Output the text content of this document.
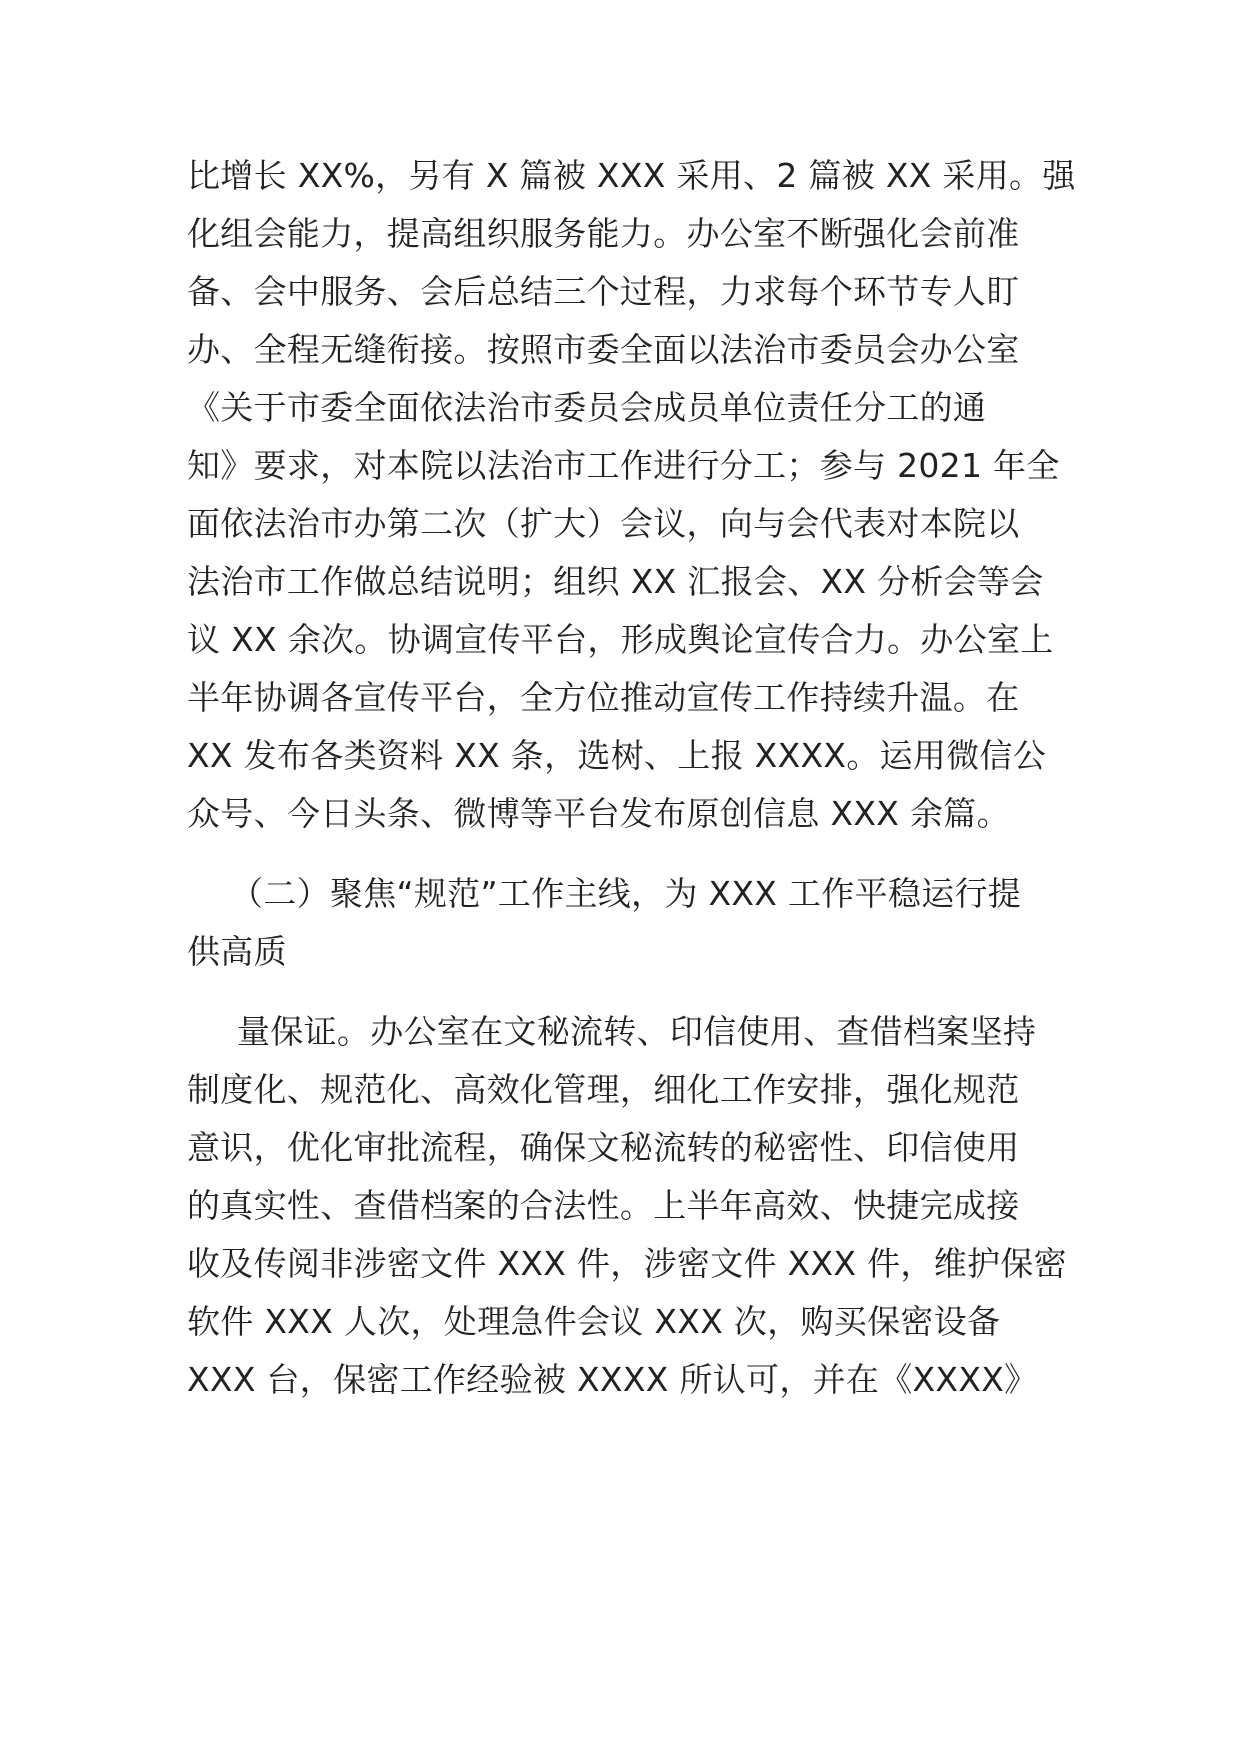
比增长 XX%，另有 X 篇被 XXX 采用、2 篇被 XX 采用。强
化组会能力，提高组织服务能力。办公室不断强化会前准
备、会中服务、会后总结三个过程，力求每个环节专人盯
办、全程无缝衔接。按照市委全面以法治市委员会办公室
《关于市委全面依法治市委员会成员单位责任分工的通
知》要求，对本院以法治市工作进行分工；参与 2021 年全
面依法治市办第二次（扩大）会议，向与会代表对本院以
法治市工作做总结说明；组织 XX 汇报会、XX 分析会等会
议 XX 余次。协调宣传平台，形成舆论宣传合力。办公室上
半年协调各宣传平台，全方位推动宣传工作持续升温。在
XX 发布各类资料 XX 条，选树、上报 XXXX。运用微信公
众号、今日头条、微博等平台发布原创信息 XXX 余篇。
（二）聚焦“规范”工作主线，为 XXX 工作平稳运行提
供高质
量保证。办公室在文秘流转、印信使用、查借档案坚持
制度化、规范化、高效化管理，细化工作安排，强化规范
意识，优化审批流程，确保文秘流转的秘密性、印信使用
的真实性、查借档案的合法性。上半年高效、快捷完成接
收及传阅非涉密文件 XXX 件，涉密文件 XXX 件，维护保密
软件 XXX 人次，处理急件会议 XXX 次，购买保密设备
XXX 台，保密工作经验被 XXXX 所认可，并在《XXXX》
